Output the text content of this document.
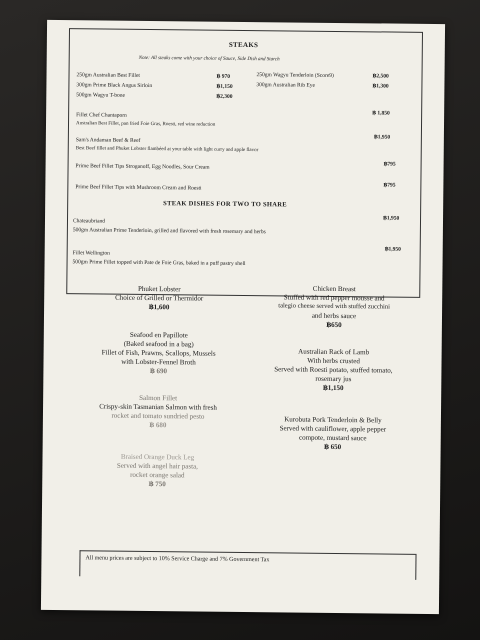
STEAKS
Note: All steaks come with your choice of Sauce, Side Dish and Starch
250gm Australian Best Fillet	฿ 970
300gm Prime Black Angus Sirloin	฿1,150
500gm Wagyu T-bone	฿2,300
250gm Wagyu Tenderloin (Score9)	฿2,500
300gm Australian Rib Eye	฿1,300
Fillet Chef Chantaporn
Australian Best Fillet, pan fried Foie Gras, Roesti, red wine reduction
฿ 1,850
Sam's Andaman Beef & Reef
Best Beef fillet and Phuket Lobster flambéed at your table with light curry and apple flavor
฿1,950
Prime Beef Fillet Tips Stroganoff, Egg Noodles, Sour Cream	฿795
Prime Beef Fillet Tips with Mushroom Cream and Roesti	฿795
STEAK DISHES FOR TWO TO SHARE
Chateaubriand
500gm Australian Prime Tenderloin, grilled and flavored with fresh rosemary and herbs
฿1,950
Fillet Wellington
500gm Prime Fillet topped with Pate de Foie Gras, baked in a puff pastry shell
฿1,950
Phuket Lobster
Choice of Grilled or Thermidor
฿1,600
Seafood en Papillote
(Baked seafood in a bag)
Fillet of Fish, Prawns, Scallops, Mussels
with Lobster-Fennel Broth
฿ 690
Salmon Fillet
Crispy-skin Tasmanian Salmon with fresh
rocket and tomato sundried pesto
฿ 680
Braised Orange Duck Leg
Served with angel hair pasta,
rocket orange salad
฿ 750
Chicken Breast
Stuffed with red pepper mousse and
talegio cheese served with stuffed zucchini
and herbs sauce
฿650
Australian Rack of Lamb
With herbs crusted
Served with Roesti potato, stuffed tomato,
rosemary jus
฿1,150
Kurobuta Pork Tenderloin & Belly
Served with cauliflower, apple pepper
compote, mustard sauce
฿ 650
All menu prices are subject to 10% Service Charge and 7% Government Tax
